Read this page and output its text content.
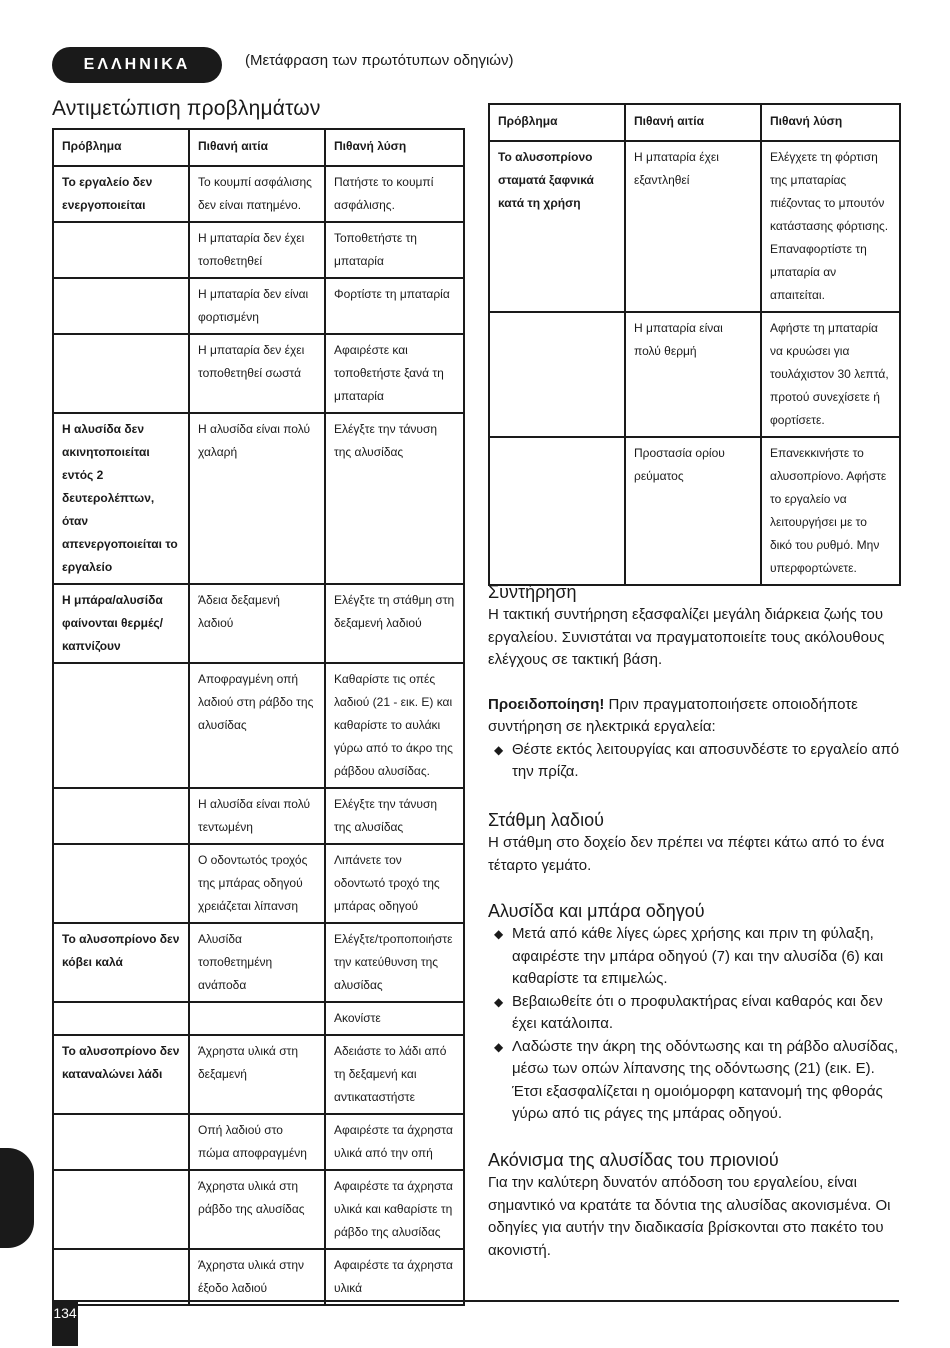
ΕΛΛΗΝΙΚΑ	(Μετάφραση των πρωτότυπων οδηγιών)
Αντιμετώπιση προβλημάτων
Πρόβλημα	Πιθανή αιτία	Πιθανή λύση
Το εργαλείο δεν ενεργοποιείται	Το κουμπί ασφάλισης δεν είναι πατημένο.	Πατήστε το κουμπί ασφάλισης.
	Η μπαταρία δεν έχει τοποθετηθεί	Τοποθετήστε τη μπαταρία
	Η μπαταρία δεν είναι φορτισμένη	Φορτίστε τη μπαταρία
	Η μπαταρία δεν έχει τοποθετηθεί σωστά	Αφαιρέστε και τοποθετήστε ξανά τη μπαταρία
Η αλυσίδα δεν ακινητοποιείται εντός 2 δευτερολέπτων, όταν απενεργοποιείται το εργαλείο	Η αλυσίδα είναι πολύ χαλαρή	Ελέγξτε την τάνυση της αλυσίδας
Η μπάρα/αλυσίδα φαίνονται θερμές/ καπνίζουν	Άδεια δεξαμενή λαδιού	Ελέγξτε τη στάθμη στη δεξαμενή λαδιού
	Αποφραγμένη οπή λαδιού στη ράβδο της αλυσίδας	Καθαρίστε τις οπές λαδιού (21 - εικ. E) και καθαρίστε το αυλάκι γύρω από το άκρο της ράβδου αλυσίδας.
	Η αλυσίδα είναι πολύ τεντωμένη	Ελέγξτε την τάνυση της αλυσίδας
	Ο οδοντωτός τροχός της μπάρας οδηγού χρειάζεται λίπανση	Λιπάνετε τον οδοντωτό τροχό της μπάρας οδηγού
Το αλυσοπρίονο δεν κόβει καλά	Αλυσίδα τοποθετημένη ανάποδα	Ελέγξτε/τροποποιήστε την κατεύθυνση της αλυσίδας
		Ακονίστε
Το αλυσοπρίονο δεν καταναλώνει λάδι	Άχρηστα υλικά στη δεξαμενή	Αδειάστε το λάδι από τη δεξαμενή και αντικαταστήστε
	Οπή λαδιού στο πώμα αποφραγμένη	Αφαιρέστε τα άχρηστα υλικά από την οπή
	Άχρηστα υλικά στη ράβδο της αλυσίδας	Αφαιρέστε τα άχρηστα υλικά και καθαρίστε τη ράβδο της αλυσίδας
	Άχρηστα υλικά στην έξοδο λαδιού	Αφαιρέστε τα άχρηστα υλικά
Πρόβλημα	Πιθανή αιτία	Πιθανή λύση
Το αλυσοπρίονο σταματά ξαφνικά κατά τη χρήση	Η μπαταρία έχει εξαντληθεί	Ελέγχετε τη φόρτιση της μπαταρίας πιέζοντας το μπουτόν κατάστασης φόρτισης. Επαναφορτίστε τη μπαταρία αν απαιτείται.
	Η μπαταρία είναι πολύ θερμή	Αφήστε τη μπαταρία να κρυώσει για τουλάχιστον 30 λεπτά, προτού συνεχίσετε ή φορτίσετε.
	Προστασία ορίου ρεύματος	Επανεκκινήστε το αλυσοπρίονο. Αφήστε το εργαλείο να λειτουργήσει με το δικό του ρυθμό. Μην υπερφορτώνετε.
Συντήρηση

Η τακτική συντήρηση εξασφαλίζει μεγάλη διάρκεια ζωής του εργαλείου. Συνιστάται να πραγματοποιείτε τους ακόλουθους ελέγχους σε τακτική βάση.

Προειδοποίηση! Πριν πραγματοποιήσετε οποιοδήποτε συντήρηση σε ηλεκτρικά εργαλεία:

◆ Θέστε εκτός λειτουργίας και αποσυνδέστε το εργαλείο από την πρίζα.
Στάθμη λαδιού

Η στάθμη στο δοχείο δεν πρέπει να πέφτει κάτω από το ένα τέταρτο γεμάτο.

Αλυσίδα και μπάρα οδηγού
◆ Μετά από κάθε λίγες ώρες χρήσης και πριν τη φύλαξη, αφαιρέστε την μπάρα οδηγού (7) και την αλυσίδα (6) και καθαρίστε τα επιμελώς.
◆ Βεβαιωθείτε ότι ο προφυλακτήρας είναι καθαρός και δεν έχει κατάλοιπα.
◆ Λαδώστε την άκρη της οδόντωσης και τη ράβδο αλυσίδας, μέσω των οπών λίπανσης της οδόντωσης (21) (εικ. E). Έτσι εξασφαλίζεται η ομοιόμορφη κατανομή της φθοράς γύρω από τις ράγες της μπάρας οδηγού.
Ακόνισμα της αλυσίδας του πριονιού

Για την καλύτερη δυνατόν απόδοση του εργαλείου, είναι σημαντικό να κρατάτε τα δόντια της αλυσίδας ακονισμένα. Οι οδηγίες για αυτήν την διαδικασία βρίσκονται στο πακέτο του ακονιστή.

134
